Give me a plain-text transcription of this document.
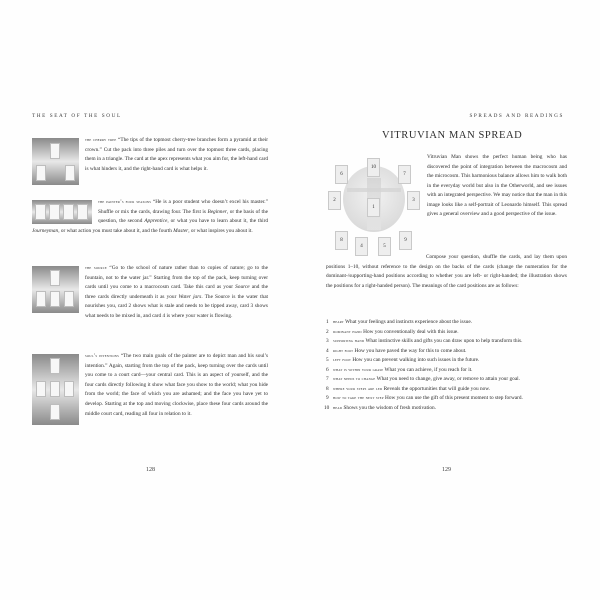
THE SEAT OF THE SOUL
the cherry tree “The tips of the topmost cherry-tree branches form a pyramid at their crown.” Cut the pack into three piles and turn over the topmost three cards, placing them in a triangle. The card at the apex represents what you aim for, the left-hand card is what hinders it, and the right-hand card is what helps it.
the painter’s four seasons “He is a poor student who doesn’t excel his master.” Shuffle or mix the cards, drawing four. The first is Beginner, or the basis of the question, the second Apprentice, or what you have to learn about it, the third Journeyman, or what action you must take about it, and the fourth Master, or what inspires you about it.
the source “Go to the school of nature rather than to copies of nature; go to the fountain, not to the water jar.” Starting from the top of the pack, keep turning over cards until you come to a macrocosm card. Take this card as your Source and the three cards directly underneath it as your Water jars. The Source is the water that nourishes you, card 2 shows what is stale and needs to be tipped away, card 3 shows what needs to be mixed in, and card 4 is where your water is flowing.
soul’s intentions “The two main goals of the painter are to depict man and his soul’s intention.” Again, starting from the top of the pack, keep turning over the cards until you come to a court card—your central card. This is an aspect of yourself, and the four cards directly following it show what face you show to the world; what you hide from the world; the face of which you are ashamed; and the face you have yet to develop. Starting at the top and moving clockwise, place these four cards around the middle court card, reading all four in relation to it.
128
SPREADS AND READINGS
VITRUVIAN MAN SPREAD
1
2	3
4	5
6	7
8	9
10
Vitruvian Man shows the perfect human being who has discovered the point of integration between the macrocosm and the microcosm. This harmonious balance allows him to walk both in the everyday world but also in the Otherworld, and see issues with an integrated perspective. We may notice that the man in this image looks like a self-portrait of Leonardo himself. This spread gives a general overview and a good perspective of the issue.
Compose your question, shuffle the cards, and lay them upon positions 1–10, without reference to the design on the backs of the cards (change the numeration for the dominant-/supporting-hand positions according to whether you are left- or right-handed; the illustration shows the positions for a right-handed person). The meanings of the card positions are as follows:
1 heart What your feelings and instincts experience about the issue.
2 dominant hand How you conventionally deal with this issue.
3 supporting hand What instinctive skills and gifts you can draw upon to help transform this.
4 right foot How you have paved the way for this to come about.
5 left foot How you can prevent walking into such issues in the future.
6 what is within your grasp What you can achieve, if you reach for it.
7 what needs to change What you need to change, give away, or remove to attain your goal.
8 where your steps are led Reveals the opportunities that will guide you now.
9 how to take the next step How you can use the gift of this present moment to step forward.
10 head Shows you the wisdom of fresh motivation.
129
